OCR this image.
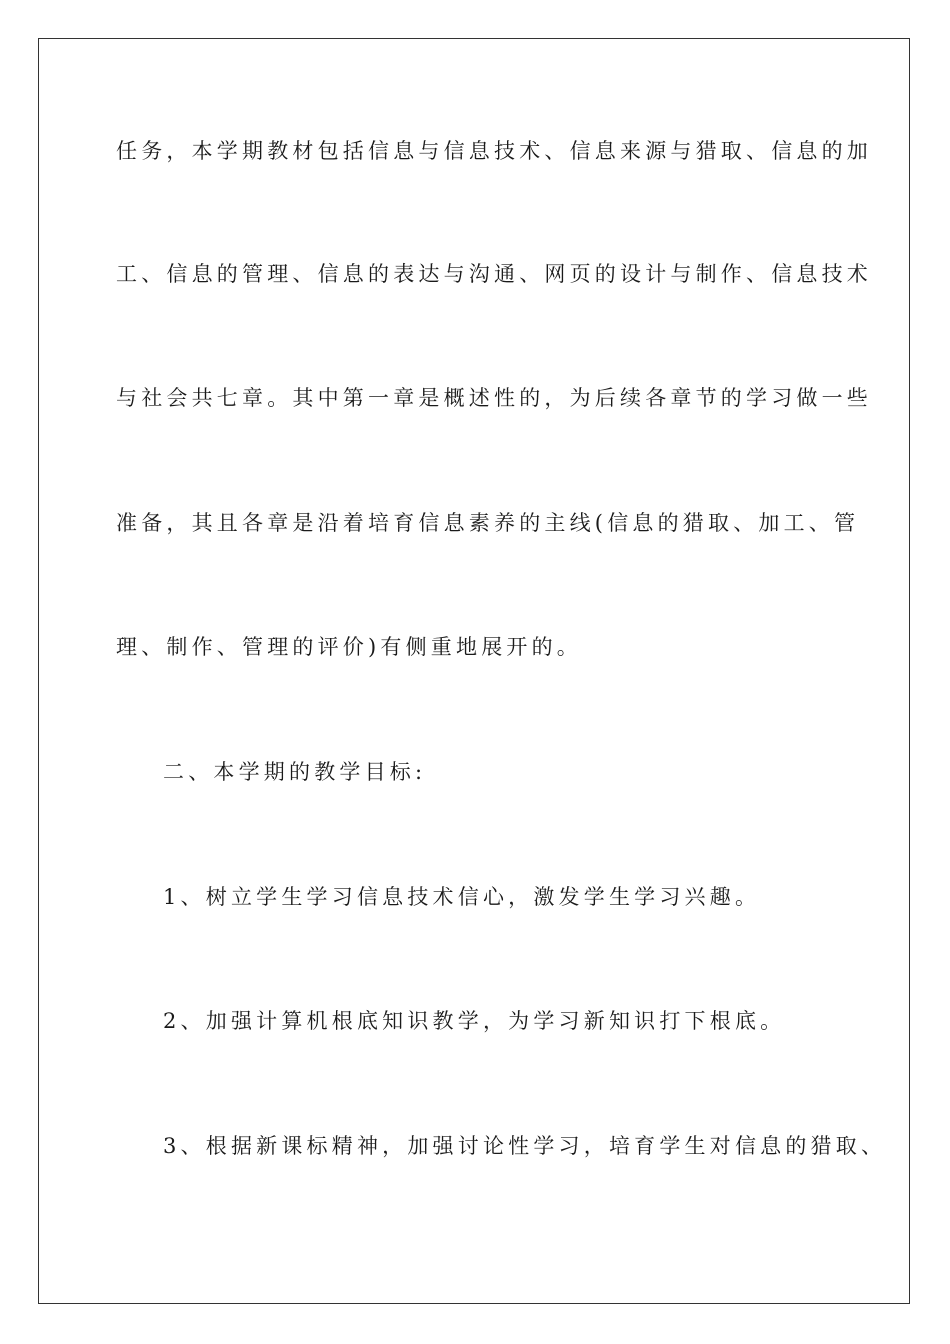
任务，本学期教材包括信息与信息技术、信息来源与猎取、信息的加
工、信息的管理、信息的表达与沟通、网页的设计与制作、信息技术
与社会共七章。其中第一章是概述性的，为后续各章节的学习做一些
准备，其且各章是沿着培育信息素养的主线(信息的猎取、加工、管
理、制作、管理的评价)有侧重地展开的。
二、本学期的教学目标:
1、树立学生学习信息技术信心，激发学生学习兴趣。
2、加强计算机根底知识教学，为学习新知识打下根底。
3、根据新课标精神，加强讨论性学习，培育学生对信息的猎取、
